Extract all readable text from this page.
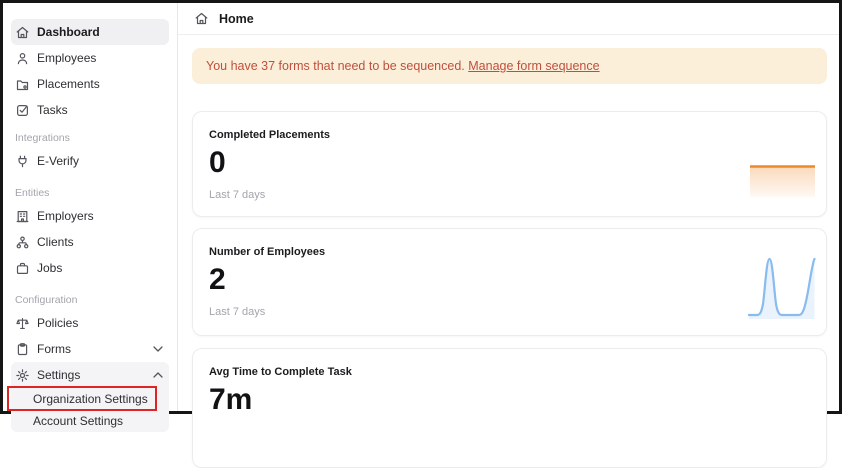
Dashboard
Employees
Placements
Tasks
Integrations
E-Verify
Entities
Employers
Clients
Jobs
Configuration
Policies
Forms
Settings
Organization Settings
Account Settings
Home
You have 37 forms that need to be sequenced. Manage form sequence
Completed Placements
0
Last 7 days
Number of Employees
2
Last 7 days
Avg Time to Complete Task
7m
